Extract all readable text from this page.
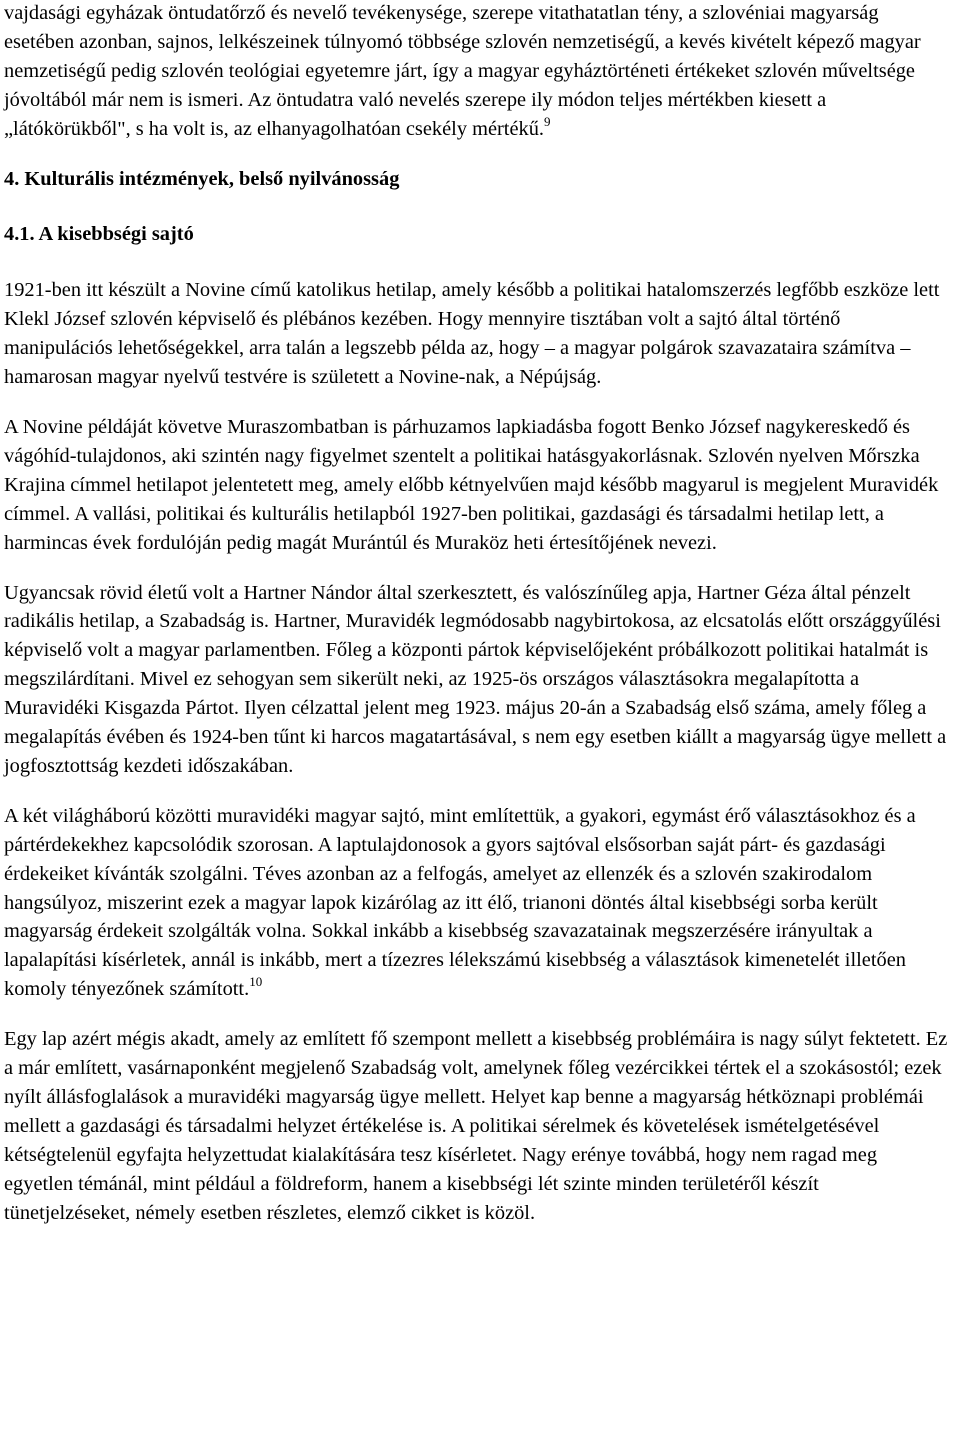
vajdasági egyházak öntudatőrző és nevelő tevékenysége, szerepe vitathatatlan tény, a szlovéniai magyarság esetében azonban, sajnos, lelkészeinek túlnyomó többsége szlovén nemzetiségű, a kevés kivételt képező magyar nemzetiségű pedig szlovén teológiai egyetemre járt, így a magyar egyháztörténeti értékeket szlovén műveltsége jóvoltából már nem is ismeri. Az öntudatra való nevelés szerepe ily módon teljes mértékben kiesett a „látókörükből", s ha volt is, az elhanyagolhatóan csekély mértékű.$^9$

4. Kulturális intézmények, belső nyilvánosság
4.1. A kisebbségi sajtó

1921-ben itt készült a Novine című katolikus hetilap, amely később a politikai hatalomszerzés legfőbb eszköze lett Klekl József szlovén képviselő és plébános kezében. Hogy mennyire tisztában volt a sajtó által történő manipulációs lehetőségekkel, arra talán a legszebb példa az, hogy – a magyar polgárok szavazataira számítva – hamarosan magyar nyelvű testvére is született a Novine-nak, a Népújság.

A Novine példáját követve Muraszombatban is párhuzamos lapkiadásba fogott Benko József nagykereskedő és vágóhíd-tulajdonos, aki szintén nagy figyelmet szentelt a politikai hatásgyakorlásnak. Szlovén nyelven Mőrszka Krajina címmel hetilapot jelentetett meg, amely előbb kétnyelvűen majd később magyarul is megjelent Muravidék címmel. A vallási, politikai és kulturális hetilapból 1927-ben politikai, gazdasági és társadalmi hetilap lett, a harmincas évek fordulóján pedig magát Murántúl és Muraköz heti értesítőjének nevezi.

Ugyancsak rövid életű volt a Hartner Nándor által szerkesztett, és valószínűleg apja, Hartner Géza által pénzelt radikális hetilap, a Szabadság is. Hartner, Muravidék legmódosabb nagybirtokosa, az elcsatolás előtt országgyűlési képviselő volt a magyar parlamentben. Főleg a központi pártok képviselőjeként próbálkozott politikai hatalmát is megszilárdítani. Mivel ez sehogyan sem sikerült neki, az 1925-ös országos választásokra megalapította a Muravidéki Kisgazda Pártot. Ilyen célzattal jelent meg 1923. május 20-án a Szabadság első száma, amely főleg a megalapítás évében és 1924-ben tűnt ki harcos magatartásával, s nem egy esetben kiállt a magyarság ügye mellett a jogfosztottság kezdeti időszakában.

A két világháború közötti muravidéki magyar sajtó, mint említettük, a gyakori, egymást érő választásokhoz és a pártérdekekhez kapcsolódik szorosan. A laptulajdonosok a gyors sajtóval elsősorban saját párt- és gazdasági érdekeiket kívánták szolgálni. Téves azonban az a felfogás, amelyet az ellenzék és a szlovén szakirodalom hangsúlyoz, miszerint ezek a magyar lapok kizárólag az itt élő, trianoni döntés által kisebbségi sorba került magyarság érdekeit szolgálták volna. Sokkal inkább a kisebbség szavazatainak megszerzésére irányultak a lapalapítási kísérletek, annál is inkább, mert a tízezres lélekszámú kisebbség a választások kimenetelét illetően komoly tényezőnek számított.$^{10}$

Egy lap azért mégis akadt, amely az említett fő szempont mellett a kisebbség problémáira is nagy súlyt fektetett. Ez a már említett, vasárnaponként megjelenő Szabadság volt, amelynek főleg vezércikkei tértek el a szokásostól; ezek nyílt állásfoglalások a muravidéki magyarság ügye mellett. Helyet kap benne a magyarság hétköznapi problémái mellett a gazdasági és társadalmi helyzet értékelése is. A politikai sérelmek és követelések ismételgetésével kétségtelenül egyfajta helyzettudat kialakítására tesz kísérletet. Nagy erénye továbbá, hogy nem ragad meg egyetlen témánál, mint például a földreform, hanem a kisebbségi lét szinte minden területéről készít tünetjelzéseket, némely esetben részletes, elemző cikket is közöl.
